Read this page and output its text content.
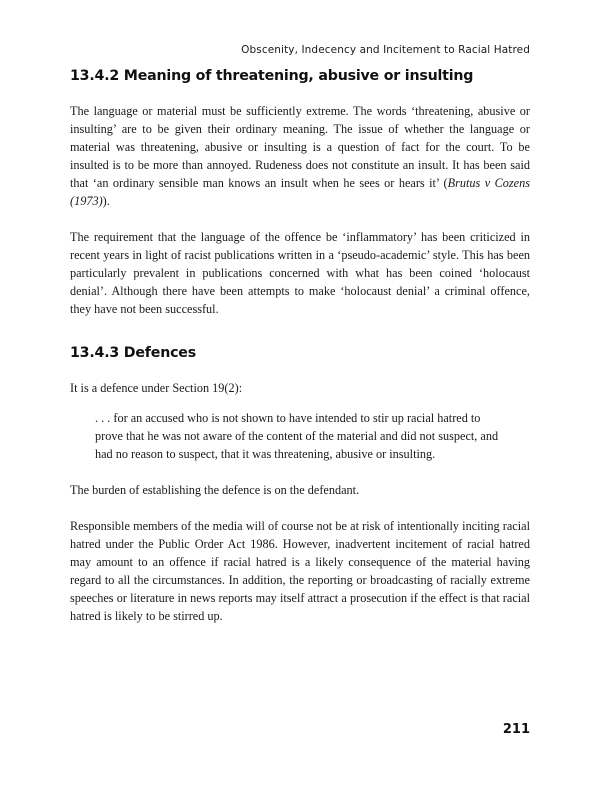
Obscenity, Indecency and Incitement to Racial Hatred
13.4.2 Meaning of threatening, abusive or insulting

The language or material must be sufficiently extreme. The words ‘threatening, abusive or insulting’ are to be given their ordinary meaning. The issue of whether the language or material was threatening, abusive or insulting is a question of fact for the court. To be insulted is to be more than annoyed. Rudeness does not constitute an insult. It has been said that ‘an ordinary sensible man knows an insult when he sees or hears it’ (Brutus v Cozens (1973)).

The requirement that the language of the offence be ‘inflammatory’ has been criticized in recent years in light of racist publications written in a ‘pseudo-academic’ style. This has been particularly prevalent in publications concerned with what has been coined ‘holocaust denial’. Although there have been attempts to make ‘holocaust denial’ a criminal offence, they have not been successful.

13.4.3 Defences

It is a defence under Section 19(2):

. . . for an accused who is not shown to have intended to stir up racial hatred to prove that he was not aware of the content of the material and did not suspect, and had no reason to suspect, that it was threatening, abusive or insulting.

The burden of establishing the defence is on the defendant.

Responsible members of the media will of course not be at risk of intentionally inciting racial hatred under the Public Order Act 1986. However, inadvertent incitement of racial hatred may amount to an offence if racial hatred is a likely consequence of the material having regard to all the circumstances. In addition, the reporting or broadcasting of racially extreme speeches or literature in news reports may itself attract a prosecution if the effect is that racial hatred is likely to be stirred up.

211
